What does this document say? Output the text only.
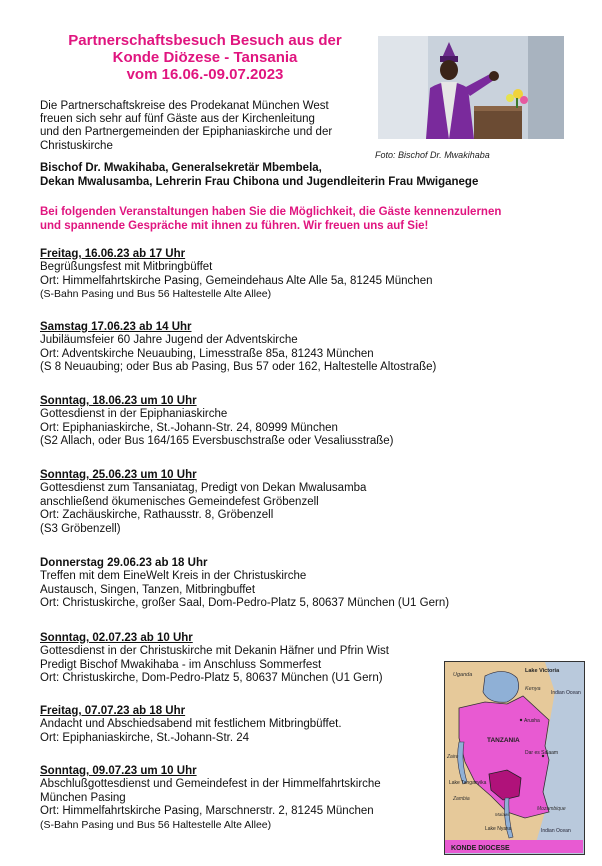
Partnerschaftsbesuch Besuch aus der
Konde Diözese - Tansania
vom 16.06.-09.07.2023
Foto: Bischof Dr. Mwakihaba
Die Partnerschaftskreise des Prodekanat München West
freuen sich sehr auf fünf Gäste aus der Kirchenleitung
und den Partnergemeinden der Epiphaniaskirche und der
Christuskirche
Bischof Dr. Mwakihaba, Generalsekretär Mbembela,
Dekan Mwalusamba, Lehrerin Frau Chibona und Jugendleiterin Frau Mwiganege
Bei folgenden Veranstaltungen haben Sie die Möglichkeit, die Gäste kennenzulernen
und spannende Gespräche mit ihnen zu führen. Wir freuen uns auf Sie!
Freitag, 16.06.23 ab 17 Uhr
Begrüßungsfest mit Mitbringbüffet
Ort: Himmelfahrtskirche Pasing, Gemeindehaus Alte Alle 5a, 81245 München
(S-Bahn Pasing und Bus 56 Haltestelle Alte Allee)
Samstag 17.06.23 ab 14 Uhr
Jubiläumsfeier 60 Jahre Jugend der Adventskirche
Ort: Adventskirche Neuaubing, Limesstraße 85a, 81243 München
(S 8 Neuaubing; oder Bus ab Pasing, Bus 57 oder 162, Haltestelle Altostraße)
Sonntag, 18.06.23 um 10 Uhr
Gottesdienst in der Epiphaniaskirche
Ort: Epiphaniaskirche, St.-Johann-Str. 24, 80999 München
(S2 Allach, oder Bus 164/165 Eversbuschstraße oder Vesaliusstraße)
Sonntag, 25.06.23 um 10 Uhr
Gottesdienst zum Tansaniatag, Predigt von Dekan Mwalusamba
anschließend ökumenisches Gemeindefest Gröbenzell
Ort: Zachäuskirche, Rathausstr. 8, Gröbenzell
(S3 Gröbenzell)
Donnerstag 29.06.23 ab 18 Uhr
Treffen mit dem EineWelt Kreis in der Christuskirche
Austausch, Singen, Tanzen, Mitbringbuffet
Ort: Christuskirche, großer Saal, Dom-Pedro-Platz 5, 80637 München (U1 Gern)
Sonntag, 02.07.23 ab 10 Uhr
Gottesdienst in der Christuskirche mit Dekanin Häfner und Pfrin Wist
Predigt Bischof Mwakihaba - im Anschluss Sommerfest
Ort: Christuskirche, Dom-Pedro-Platz 5, 80637 München (U1 Gern)
Freitag, 07.07.23 ab 18 Uhr
Andacht und Abschiedsabend mit festlichem Mitbringbüffet.
Ort: Epiphaniaskirche, St.-Johann-Str. 24
Sonntag, 09.07.23 um 10 Uhr
Abschlußgottesdienst und Gemeindefest in der Himmelfahrtskirche
München Pasing
Ort: Himmelfahrtskirche Pasing, Marschnerstr. 2, 81245 München
(S-Bahn Pasing und Bus 56 Haltestelle Alte Allee)
Uganda
Lake Victoria
Kenya
Indian Ocean
Arusha
TANZANIA
Zaire
Dar es Salaam
Lake Tanganyika
Zambia
Malawi
Mozambique
Lake Nyasa	Indian Ocean
KONDE DIOCESE
